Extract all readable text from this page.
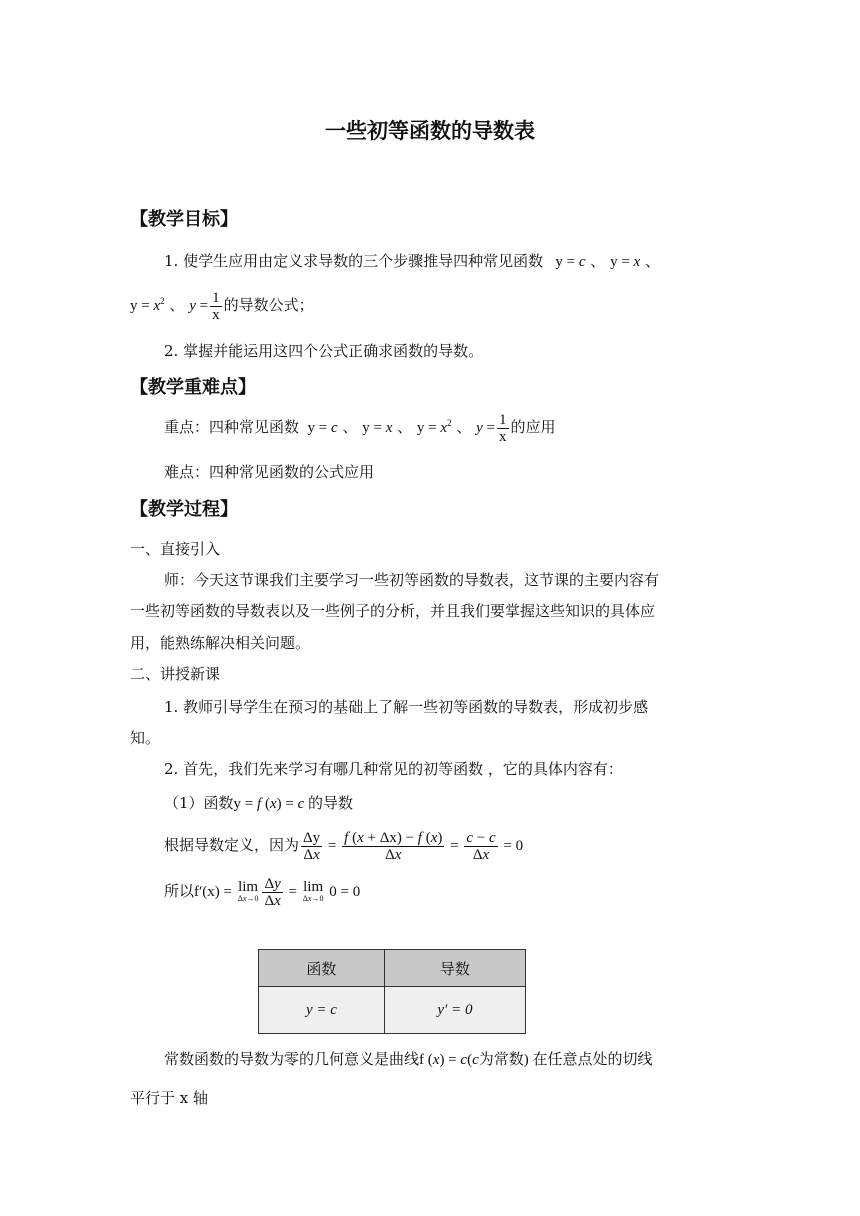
一些初等函数的导数表
【教学目标】
1. 使学生应用由定义求导数的三个步骤推导四种常见函数   y = c 、 y = x 、
$y = x^2$ 、 $y = \frac{1}{x}$ 的导数公式；
2. 掌握并能运用这四个公式正确求函数的导数。
【教学重难点】
重点：四种常见函数  y = c 、 y = x 、 $y = x^2$ 、 $y = \frac{1}{x}$ 的应用
难点：四种常见函数的公式应用
【教学过程】
一、直接引入
师：今天这节课我们主要学习一些初等函数的导数表，这节课的主要内容有
一些初等函数的导数表以及一些例子的分析，并且我们要掌握这些知识的具体应
用，能熟练解决相关问题。
二、讲授新课
1. 教师引导学生在预习的基础上了解一些初等函数的导数表，形成初步感
知。
2. 首先，我们先来学习有哪几种常见的初等函数 ，它的具体内容有：
（1）函数y = f (x) = c 的导数
根据导数定义，因为 $\frac{\Delta y}{\Delta x} = \frac{f (x + \Delta x) - f (x)}{\Delta x} = \frac{c - c}{\Delta x} = 0$
所以f′(x) = lim
$\Delta x\to 0 \frac{\Delta y}{\Delta x} = \lim$
Δx→0 0 = 0
函数	导数
y = c	y′ = 0
常数函数的导数为零的几何意义是曲线f (x) = c(c为常数) 在任意点处的切线
平行于 x 轴
